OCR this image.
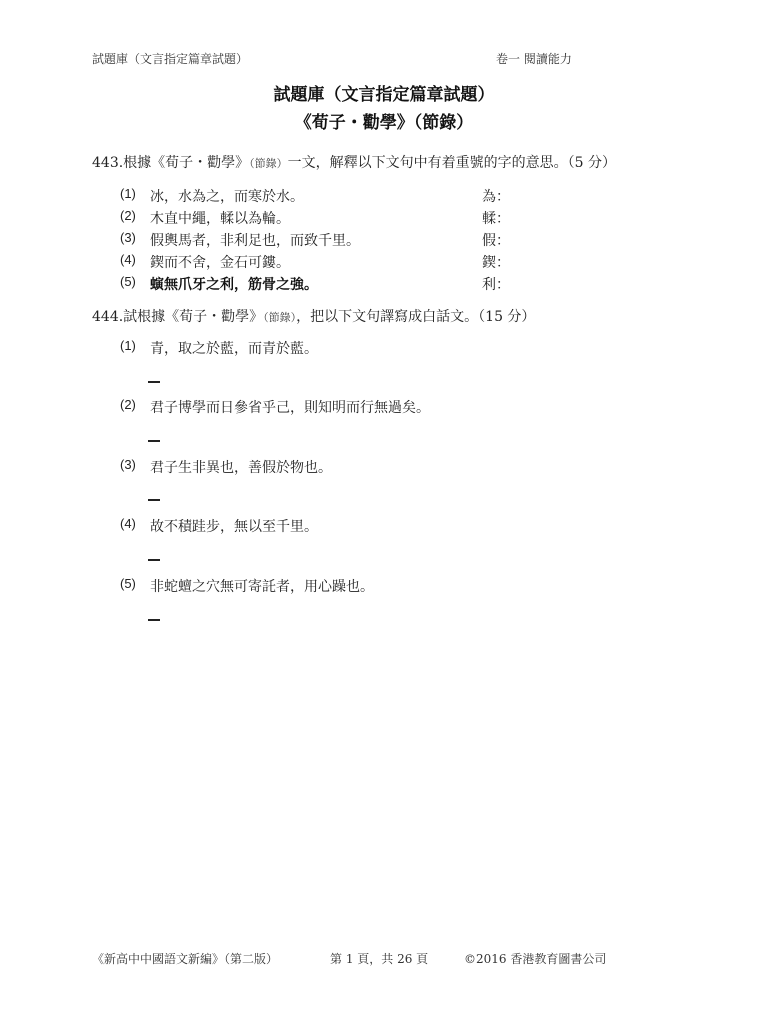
試題庫（文言指定篇章試題）	卷一 閱讀能力
試題庫（文言指定篇章試題）
《荀子・勸學》（節錄）
443.根據《荀子・勸學》（節錄）一文，解釋以下文句中有着重號的字的意思。（5 分）
(1) 冰，水為之，而寒於水。	為：
(2) 木直中繩，輮以為輪。	輮：
(3) 假輿馬者，非利足也，而致千里。	假：
(4) 鍥而不舍，金石可鏤。	鍥：
(5) 螾無爪牙之利，筋骨之強。	利：
444.試根據《荀子・勸學》（節錄），把以下文句譯寫成白話文。（15 分）
(1) 青，取之於藍，而青於藍。
(2) 君子博學而日參省乎己，則知明而行無過矣。
(3) 君子生非異也，善假於物也。
(4) 故不積跬步，無以至千里。
(5) 非蛇蟺之穴無可寄託者，用心躁也。
《新高中中國語文新編》（第二版）	第 1 頁，共 26 頁	©2016 香港教育圖書公司
